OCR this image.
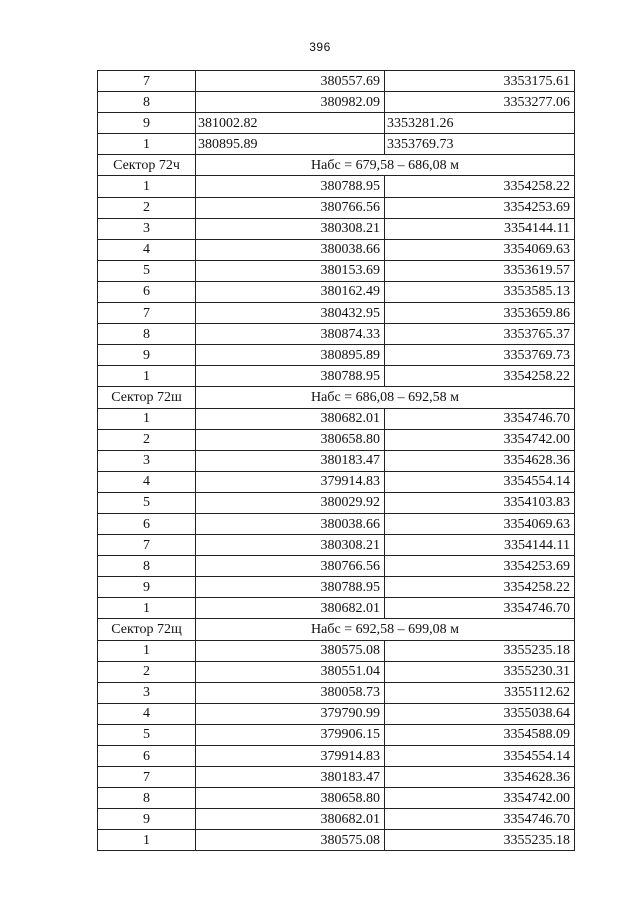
396
7	380557.69	3353175.61
8	380982.09	3353277.06
9	381002.82	3353281.26
1	380895.89	3353769.73
Сектор 72ч	Набс = 679,58 – 686,08 м	
1	380788.95	3354258.22
2	380766.56	3354253.69
3	380308.21	3354144.11
4	380038.66	3354069.63
5	380153.69	3353619.57
6	380162.49	3353585.13
7	380432.95	3353659.86
8	380874.33	3353765.37
9	380895.89	3353769.73
1	380788.95	3354258.22
Сектор 72ш	Набс = 686,08 – 692,58 м	
1	380682.01	3354746.70
2	380658.80	3354742.00
3	380183.47	3354628.36
4	379914.83	3354554.14
5	380029.92	3354103.83
6	380038.66	3354069.63
7	380308.21	3354144.11
8	380766.56	3354253.69
9	380788.95	3354258.22
1	380682.01	3354746.70
Сектор 72щ	Набс = 692,58 – 699,08 м	
1	380575.08	3355235.18
2	380551.04	3355230.31
3	380058.73	3355112.62
4	379790.99	3355038.64
5	379906.15	3354588.09
6	379914.83	3354554.14
7	380183.47	3354628.36
8	380658.80	3354742.00
9	380682.01	3354746.70
1	380575.08	3355235.18
